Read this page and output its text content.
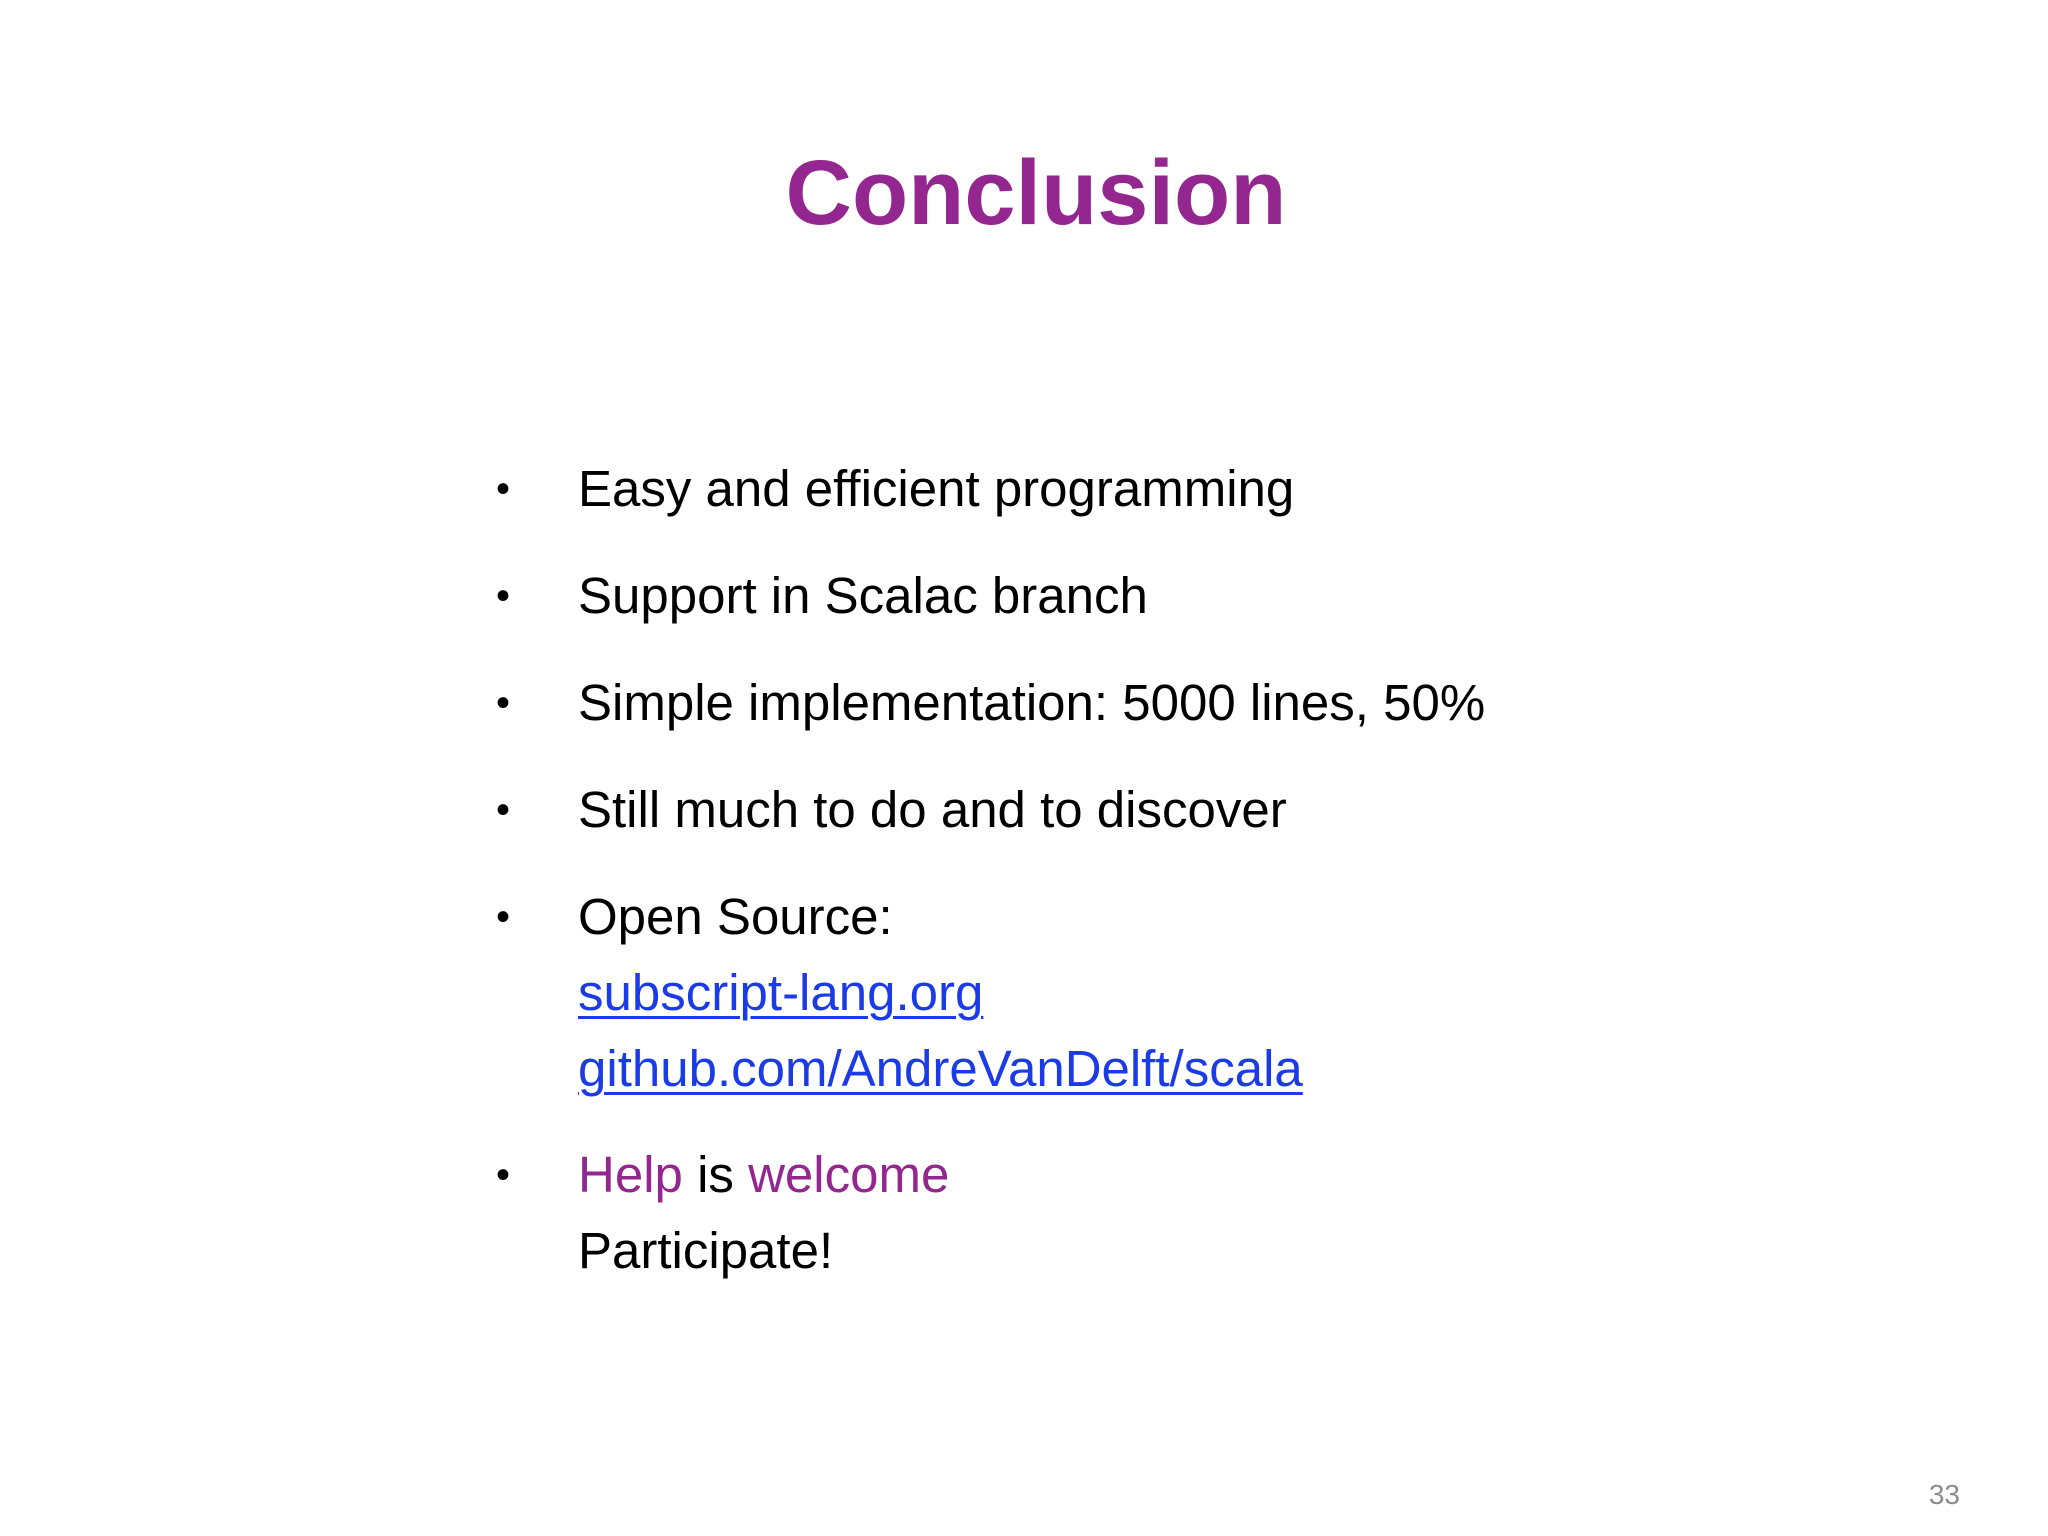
Conclusion
• Easy and efficient programming
• Support in Scalac branch
• Simple implementation: 5000 lines, 50%
• Still much to do and to discover
• Open Source:
subscript-lang.org
github.com/AndreVanDelft/scala
• Help is welcome
Participate!
33
